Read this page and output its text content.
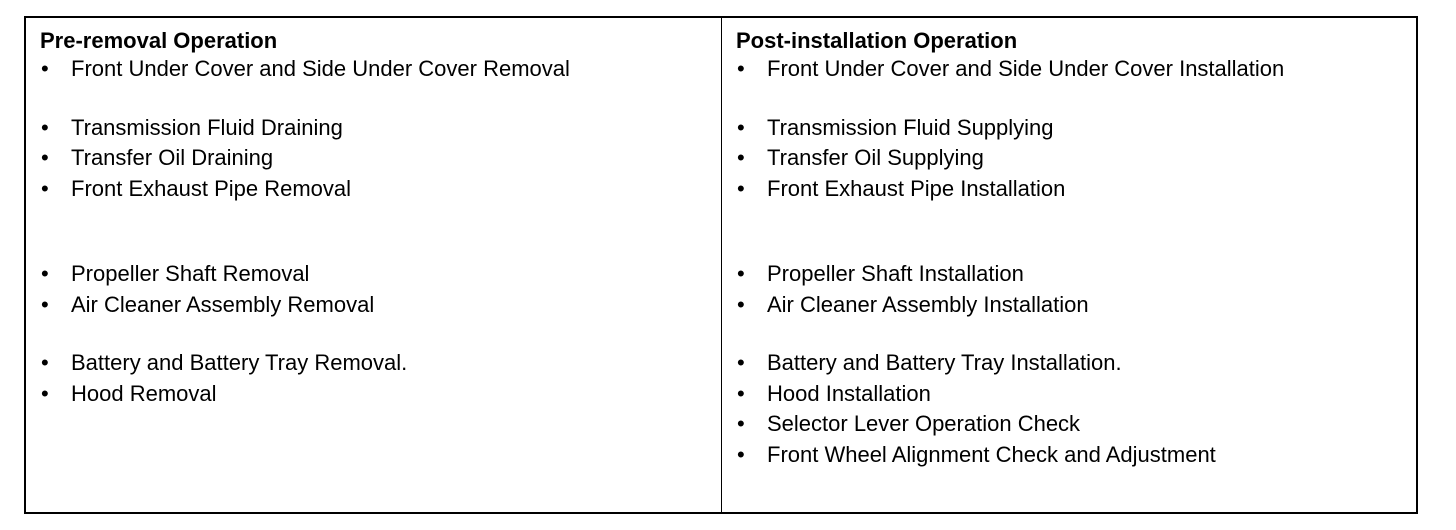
Pre-removal Operation
• Front Under Cover and Side Under Cover Removal
• Transmission Fluid Draining
• Transfer Oil Draining
• Front Exhaust Pipe Removal
• Propeller Shaft Removal
• Air Cleaner Assembly Removal
• Battery and Battery Tray Removal.
• Hood Removal
Post-installation Operation
• Front Under Cover and Side Under Cover Installation
• Transmission Fluid Supplying
• Transfer Oil Supplying
• Front Exhaust Pipe Installation
• Propeller Shaft Installation
• Air Cleaner Assembly Installation
• Battery and Battery Tray Installation.
• Hood Installation
• Selector Lever Operation Check
• Front Wheel Alignment Check and Adjustment
